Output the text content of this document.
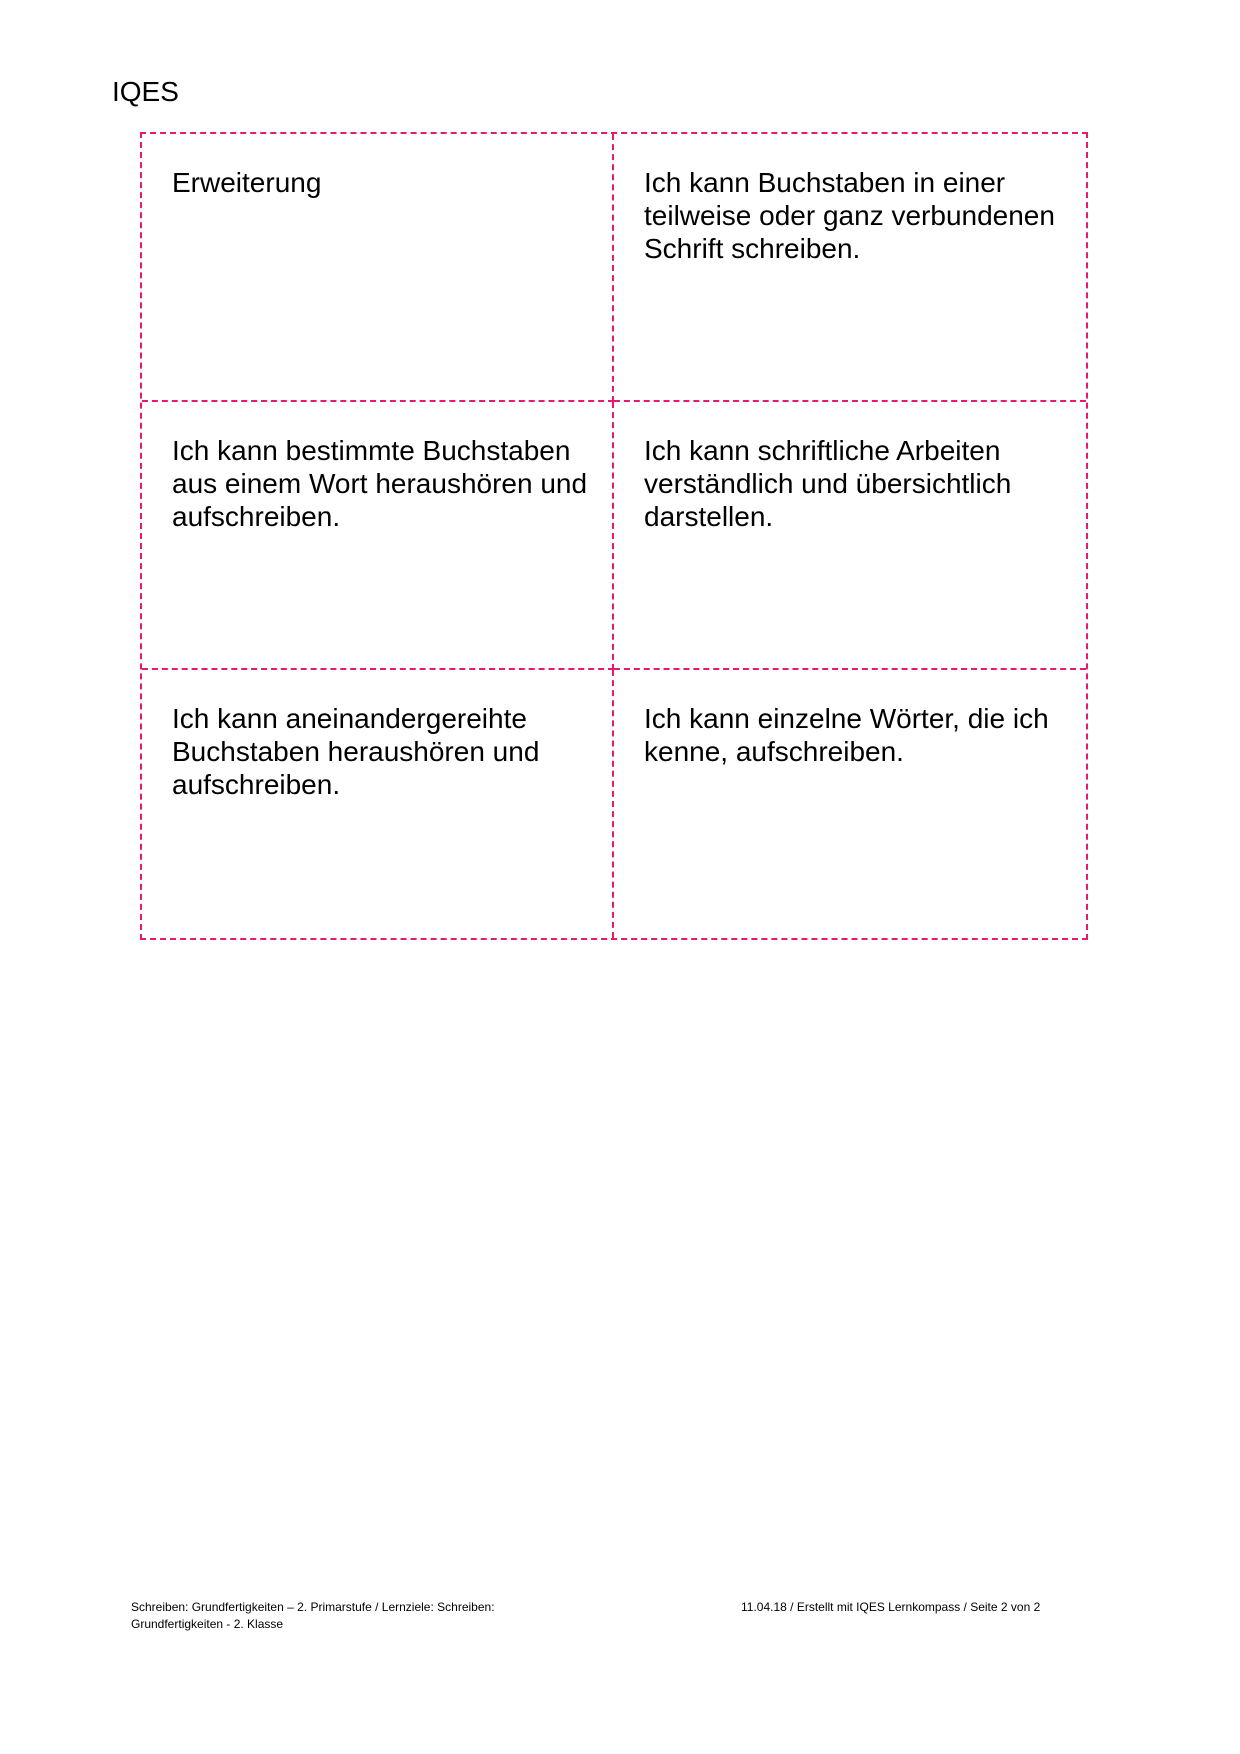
IQES
Erweiterung	Ich kann Buchstaben in einer teilweise oder ganz verbundenen Schrift schreiben.
Ich kann bestimmte Buchstaben aus einem Wort heraushören und aufschreiben.
Ich kann schriftliche Arbeiten verständlich und übersichtlich darstellen.
Ich kann aneinandergereihte Buchstaben heraushören und aufschreiben.
Ich kann einzelne Wörter, die ich kenne, aufschreiben.
Schreiben: Grundfertigkeiten – 2. Primarstufe / Lernziele: Schreiben: Grundfertigkeiten - 2. Klasse
11.04.18 / Erstellt mit IQES Lernkompass / Seite 2 von 2
